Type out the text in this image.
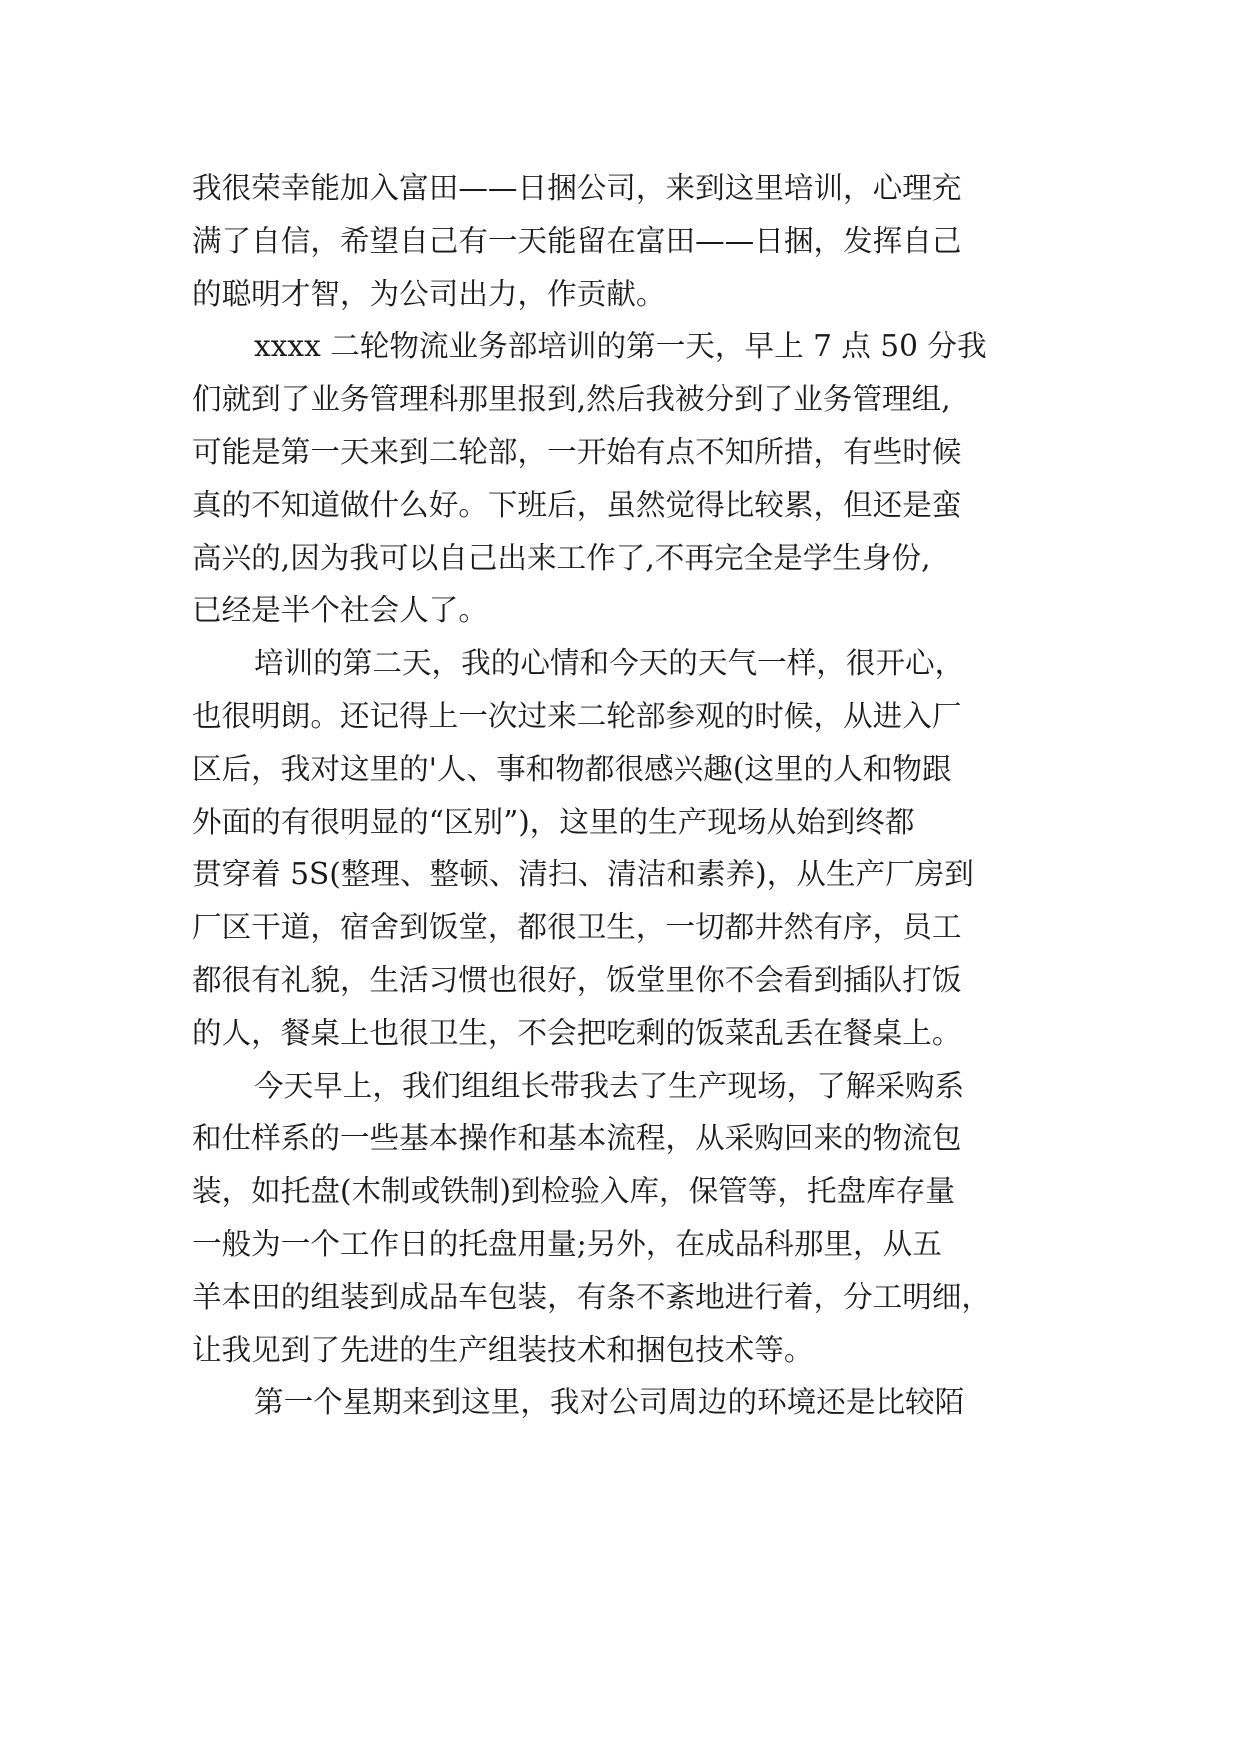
我很荣幸能加入富田——日捆公司，来到这里培训，心理充
满了自信，希望自己有一天能留在富田——日捆，发挥自己
的聪明才智，为公司出力，作贡献。
xxxx 二轮物流业务部培训的第一天，早上 7 点 50 分我
们就到了业务管理科那里报到,然后我被分到了业务管理组,
可能是第一天来到二轮部，一开始有点不知所措，有些时候
真的不知道做什么好。下班后，虽然觉得比较累，但还是蛮
高兴的,因为我可以自己出来工作了,不再完全是学生身份,
已经是半个社会人了。
培训的第二天，我的心情和今天的天气一样，很开心，
也很明朗。还记得上一次过来二轮部参观的时候，从进入厂
区后，我对这里的'人、事和物都很感兴趣(这里的人和物跟
外面的有很明显的“区别”)，这里的生产现场从始到终都
贯穿着 5S(整理、整顿、清扫、清洁和素养)，从生产厂房到
厂区干道，宿舍到饭堂，都很卫生，一切都井然有序，员工
都很有礼貌，生活习惯也很好，饭堂里你不会看到插队打饭
的人，餐桌上也很卫生，不会把吃剩的饭菜乱丢在餐桌上。
今天早上，我们组组长带我去了生产现场，了解采购系
和仕样系的一些基本操作和基本流程，从采购回来的物流包
装，如托盘(木制或铁制)到检验入库，保管等，托盘库存量
一般为一个工作日的托盘用量;另外，在成品科那里，从五
羊本田的组装到成品车包装，有条不紊地进行着，分工明细，
让我见到了先进的生产组装技术和捆包技术等。
第一个星期来到这里，我对公司周边的环境还是比较陌
